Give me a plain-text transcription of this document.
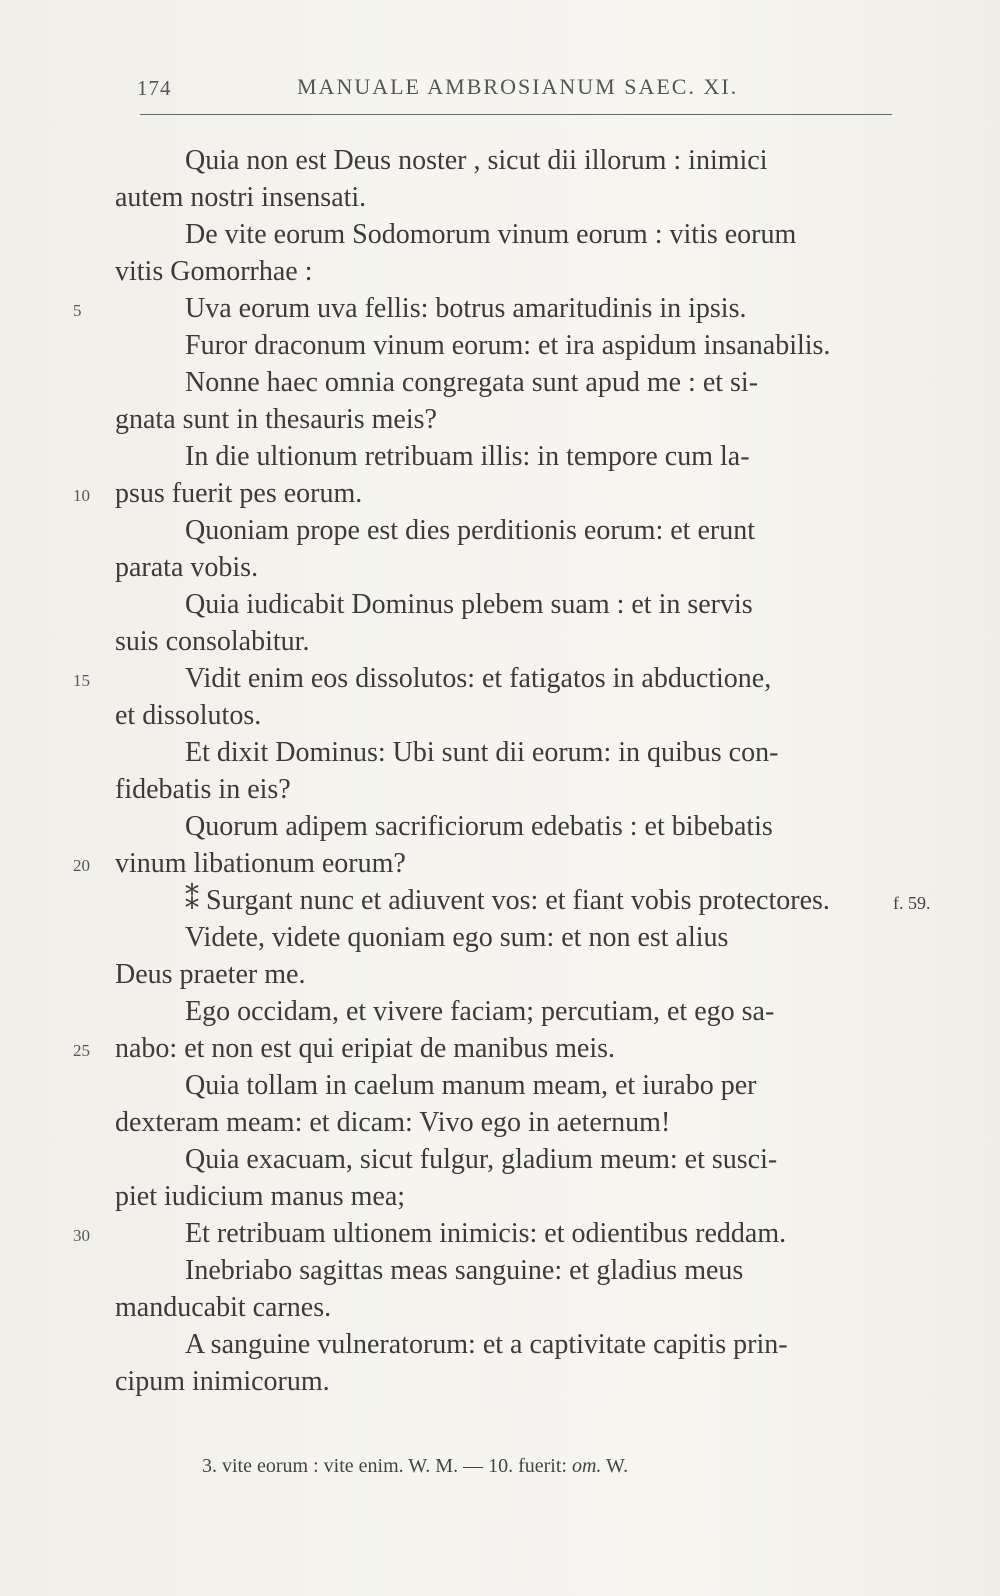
174	MANUALE AMBROSIANUM SAEC. XI.
Quia non est Deus noster , sicut dii illorum : inimici
autem nostri insensati.
De vite eorum Sodomorum vinum eorum : vitis eorum
vitis Gomorrhae :
Uva eorum uva fellis: botrus amaritudinis in ipsis.
5
Furor draconum vinum eorum: et ira aspidum insanabilis.
Nonne haec omnia congregata sunt apud me : et si-
gnata sunt in thesauris meis?
In die ultionum retribuam illis: in tempore cum la-
psus fuerit pes eorum.
10
Quoniam prope est dies perditionis eorum: et erunt
parata vobis.
Quia iudicabit Dominus plebem suam : et in servis
suis consolabitur.
Vidit enim eos dissolutos: et fatigatos in abductione,
15
et dissolutos.
Et dixit Dominus: Ubi sunt dii eorum: in quibus con-
fidebatis in eis?
Quorum adipem sacrificiorum edebatis : et bibebatis
vinum libationum eorum?
20
⁑ Surgant nunc et adiuvent vos: et fiant vobis protectores.
Videte, videte quoniam ego sum: et non est alius
Deus praeter me.
Ego occidam, et vivere faciam; percutiam, et ego sa-
nabo: et non est qui eripiat de manibus meis.
25
Quia tollam in caelum manum meam, et iurabo per
dexteram meam: et dicam: Vivo ego in aeternum!
Quia exacuam, sicut fulgur, gladium meum: et susci-
piet iudicium manus mea;
Et retribuam ultionem inimicis: et odientibus reddam.
30
Inebriabo sagittas meas sanguine: et gladius meus
manducabit carnes.
A sanguine vulneratorum: et a captivitate capitis prin-
cipum inimicorum.
f. 59.
3. vite eorum : vite enim. W. M. — 10. fuerit: om. W.
